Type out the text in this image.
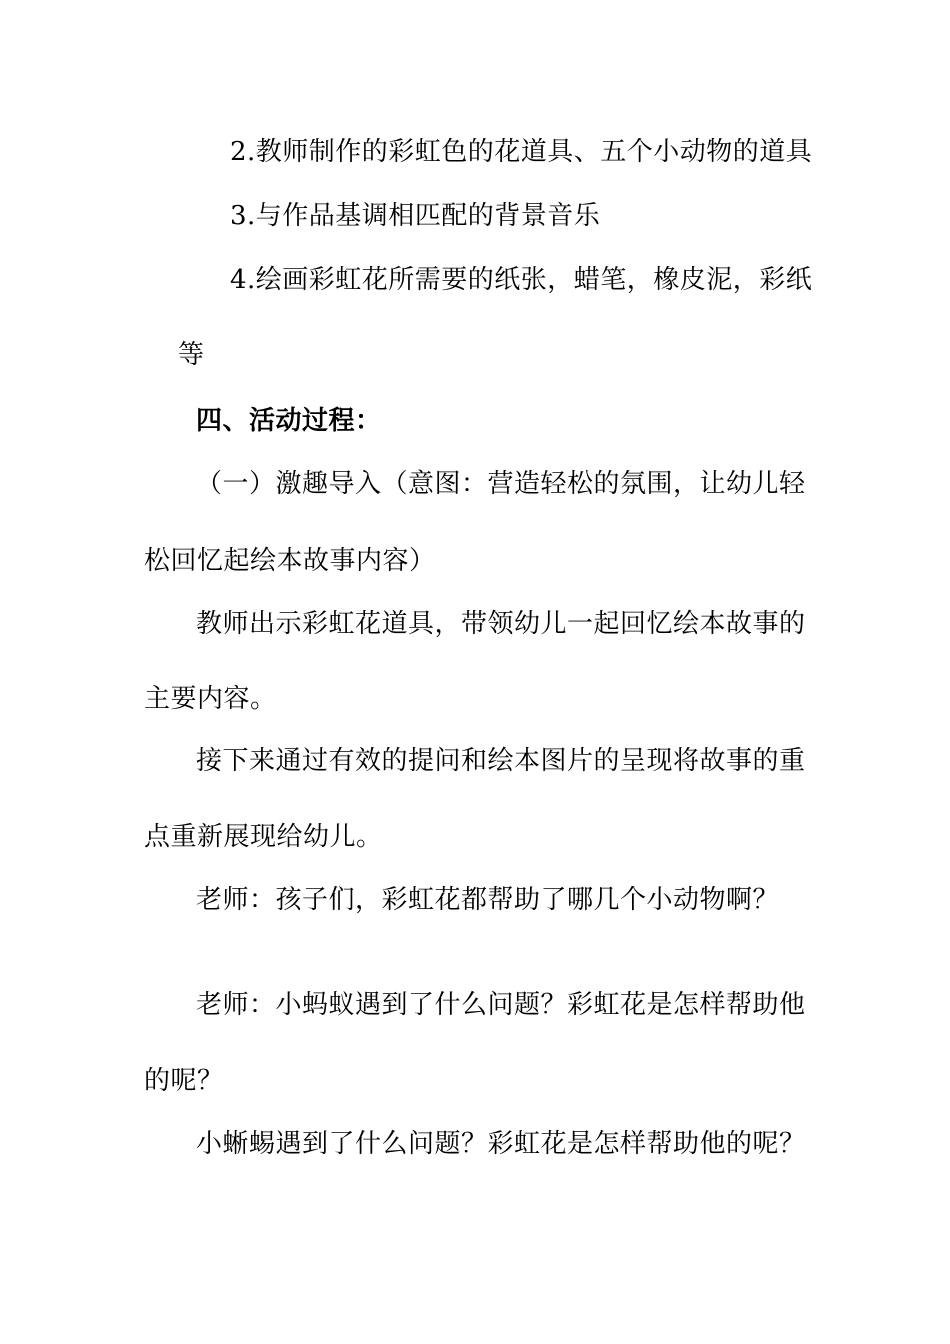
2.教师制作的彩虹色的花道具、五个小动物的道具
3.与作品基调相匹配的背景音乐
4.绘画彩虹花所需要的纸张，蜡笔，橡皮泥，彩纸
等
四、活动过程：
（一）激趣导入（意图：营造轻松的氛围，让幼儿轻
松回忆起绘本故事内容）
教师出示彩虹花道具，带领幼儿一起回忆绘本故事的
主要内容。
接下来通过有效的提问和绘本图片的呈现将故事的重
点重新展现给幼儿。
老师：孩子们，彩虹花都帮助了哪几个小动物啊？
老师：小蚂蚁遇到了什么问题？彩虹花是怎样帮助他
的呢？
小蜥蜴遇到了什么问题？彩虹花是怎样帮助他的呢？
